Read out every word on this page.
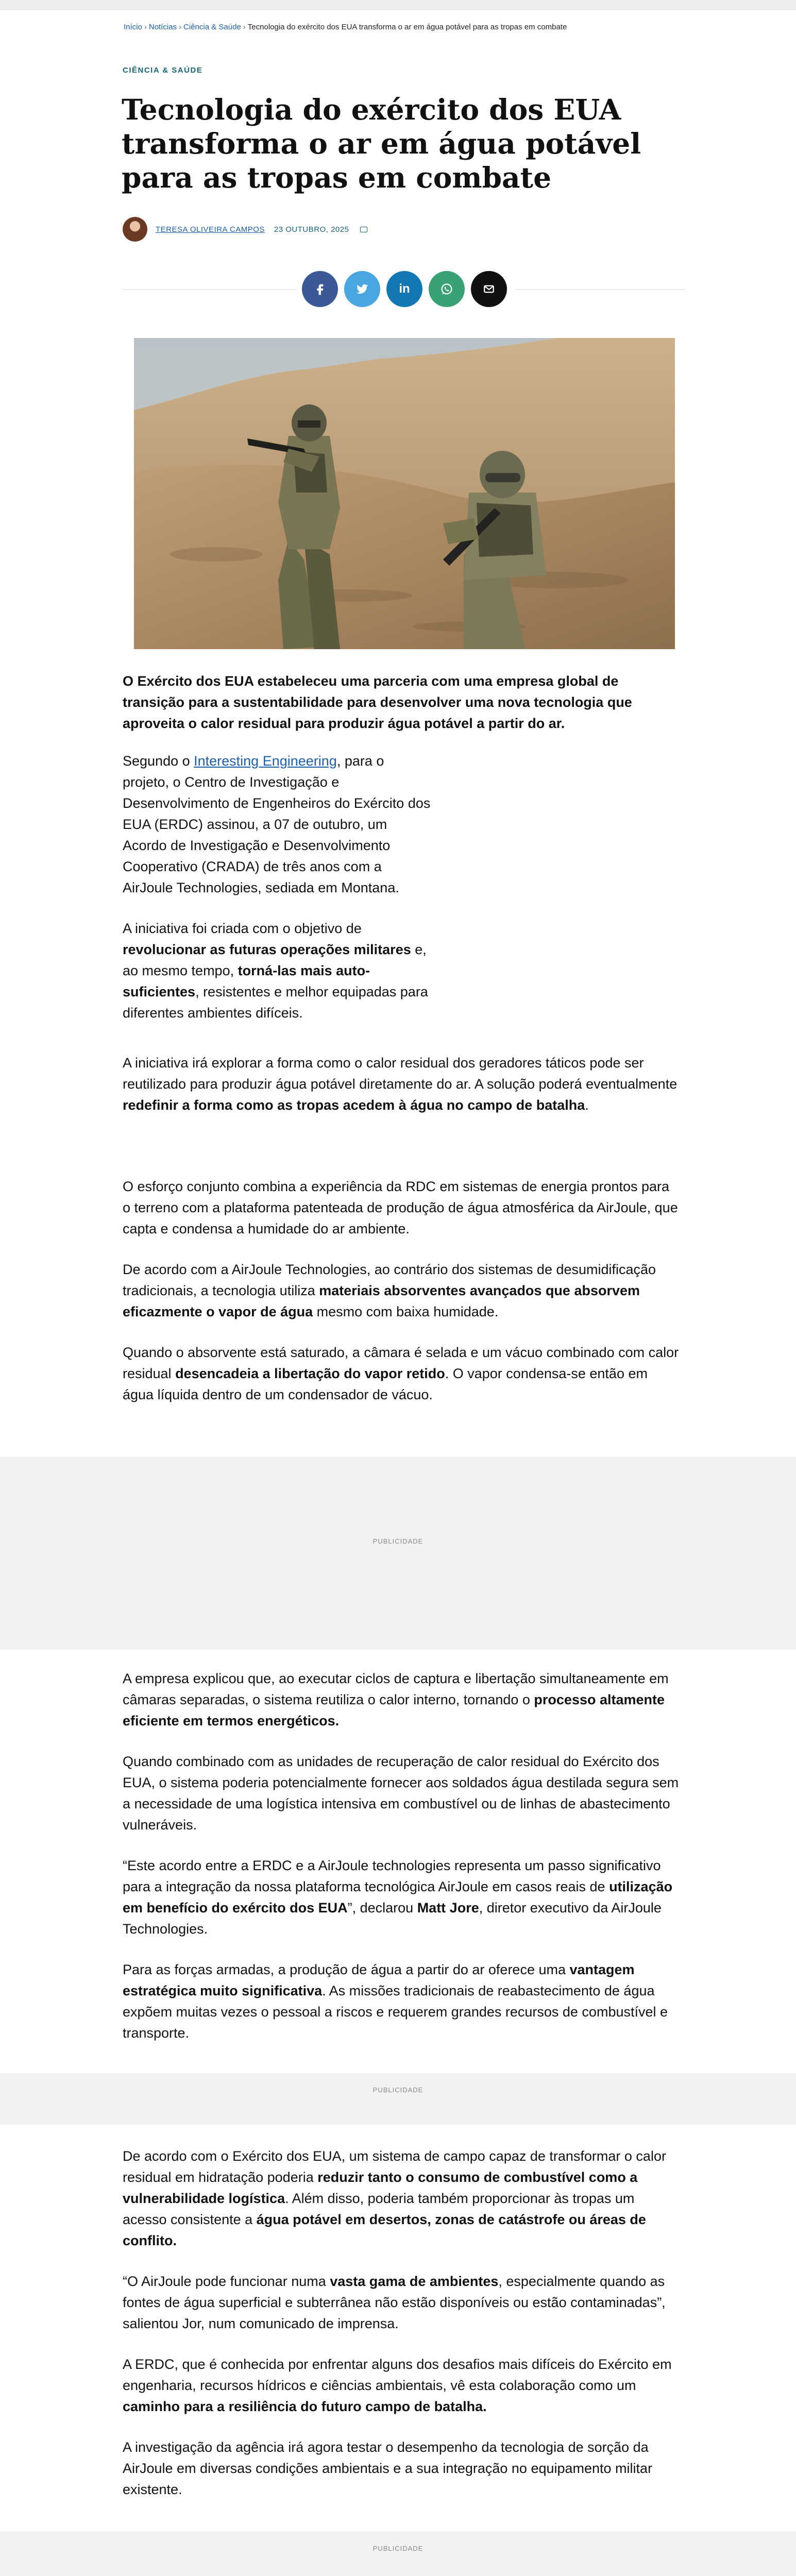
Início › Notícias › Ciência & Saúde › Tecnologia do exército dos EUA transforma o ar em água potável para as tropas em combate
CIÊNCIA & SAÚDE
Tecnologia do exército dos EUA transforma o ar em água potável para as tropas em combate
TERESA OLIVEIRA CAMPOS 23 OUTUBRO, 2025
in

O Exército dos EUA estabeleceu uma parceria com uma empresa global de transição para a sustentabilidade para desenvolver uma nova tecnologia que aproveita o calor residual para produzir água potável a partir do ar.

Segundo o Interesting Engineering, para o projeto, o Centro de Investigação e Desenvolvimento de Engenheiros do Exército dos EUA (ERDC) assinou, a 07 de outubro, um Acordo de Investigação e Desenvolvimento Cooperativo (CRADA) de três anos com a AirJoule Technologies, sediada em Montana.

A iniciativa foi criada com o objetivo de revolucionar as futuras operações militares e, ao mesmo tempo, torná-las mais auto-suficientes, resistentes e melhor equipadas para diferentes ambientes difíceis.

A iniciativa irá explorar a forma como o calor residual dos geradores táticos pode ser reutilizado para produzir água potável diretamente do ar. A solução poderá eventualmente redefinir a forma como as tropas acedem à água no campo de batalha.

O esforço conjunto combina a experiência da RDC em sistemas de energia prontos para o terreno com a plataforma patenteada de produção de água atmosférica da AirJoule, que capta e condensa a humidade do ar ambiente.

De acordo com a AirJoule Technologies, ao contrário dos sistemas de desumidificação tradicionais, a tecnologia utiliza materiais absorventes avançados que absorvem eficazmente o vapor de água mesmo com baixa humidade.

Quando o absorvente está saturado, a câmara é selada e um vácuo combinado com calor residual desencadeia a libertação do vapor retido. O vapor condensa-se então em água líquida dentro de um condensador de vácuo.

PUBLICIDADE

A empresa explicou que, ao executar ciclos de captura e libertação simultaneamente em câmaras separadas, o sistema reutiliza o calor interno, tornando o processo altamente eficiente em termos energéticos.

Quando combinado com as unidades de recuperação de calor residual do Exército dos EUA, o sistema poderia potencialmente fornecer aos soldados água destilada segura sem a necessidade de uma logística intensiva em combustível ou de linhas de abastecimento vulneráveis.

“Este acordo entre a ERDC e a AirJoule technologies representa um passo significativo para a integração da nossa plataforma tecnológica AirJoule em casos reais de utilização em benefício do exército dos EUA”, declarou Matt Jore, diretor executivo da AirJoule Technologies.

Para as forças armadas, a produção de água a partir do ar oferece uma vantagem estratégica muito significativa. As missões tradicionais de reabastecimento de água expõem muitas vezes o pessoal a riscos e requerem grandes recursos de combustível e transporte.

PUBLICIDADE

De acordo com o Exército dos EUA, um sistema de campo capaz de transformar o calor residual em hidratação poderia reduzir tanto o consumo de combustível como a vulnerabilidade logística. Além disso, poderia também proporcionar às tropas um acesso consistente a água potável em desertos, zonas de catástrofe ou áreas de conflito.

“O AirJoule pode funcionar numa vasta gama de ambientes, especialmente quando as fontes de água superficial e subterrânea não estão disponíveis ou estão contaminadas”, salientou Jor, num comunicado de imprensa.

A ERDC, que é conhecida por enfrentar alguns dos desafios mais difíceis do Exército em engenharia, recursos hídricos e ciências ambientais, vê esta colaboração como um caminho para a resiliência do futuro campo de batalha.

A investigação da agência irá agora testar o desempenho da tecnologia de sorção da AirJoule em diversas condições ambientais e a sua integração no equipamento militar existente.

PUBLICIDADE
